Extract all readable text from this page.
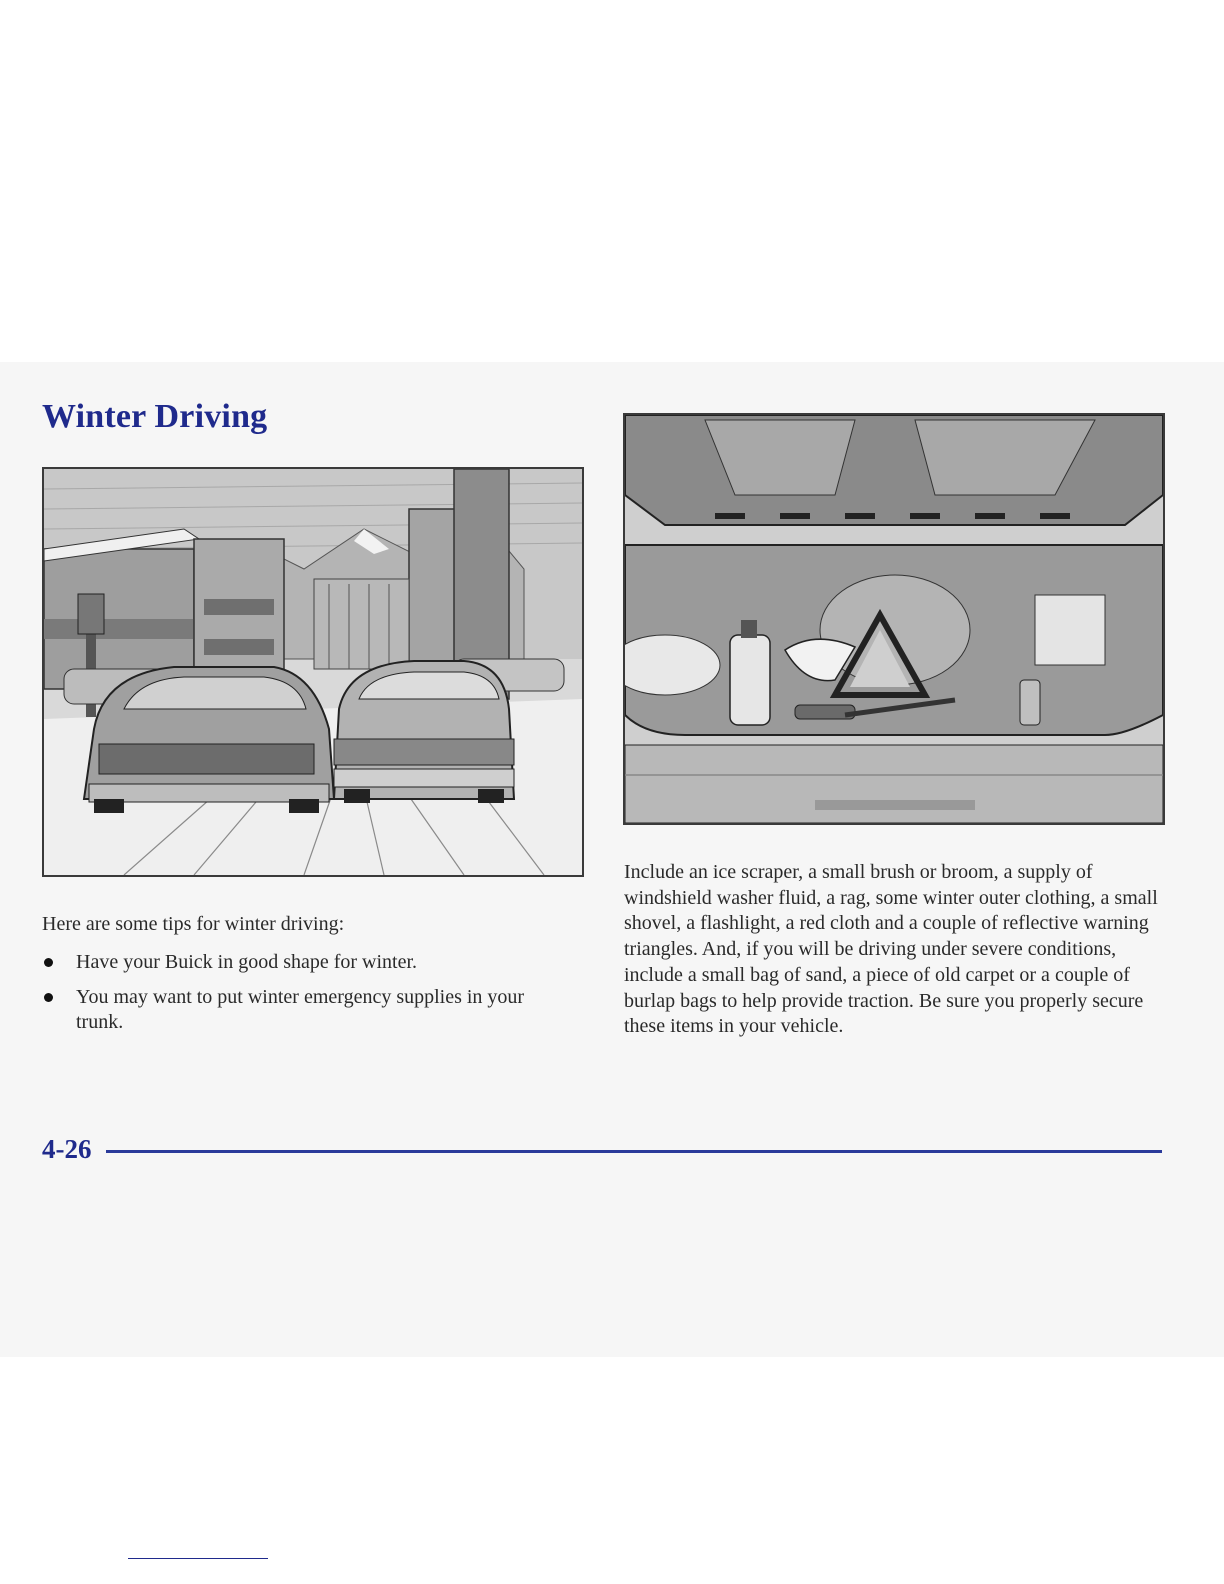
Winter Driving

Here are some tips for winter driving:

Have your Buick in good shape for winter.
You may want to put winter emergency supplies in your trunk.

Include an ice scraper, a small brush or broom, a supply of windshield washer fluid, a rag, some winter outer clothing, a small shovel, a flashlight, a red cloth and a couple of reflective warning triangles. And, if you will be driving under severe conditions, include a small bag of sand, a piece of old carpet or a couple of burlap bags to help provide traction. Be sure you properly secure these items in your vehicle.

4-26
